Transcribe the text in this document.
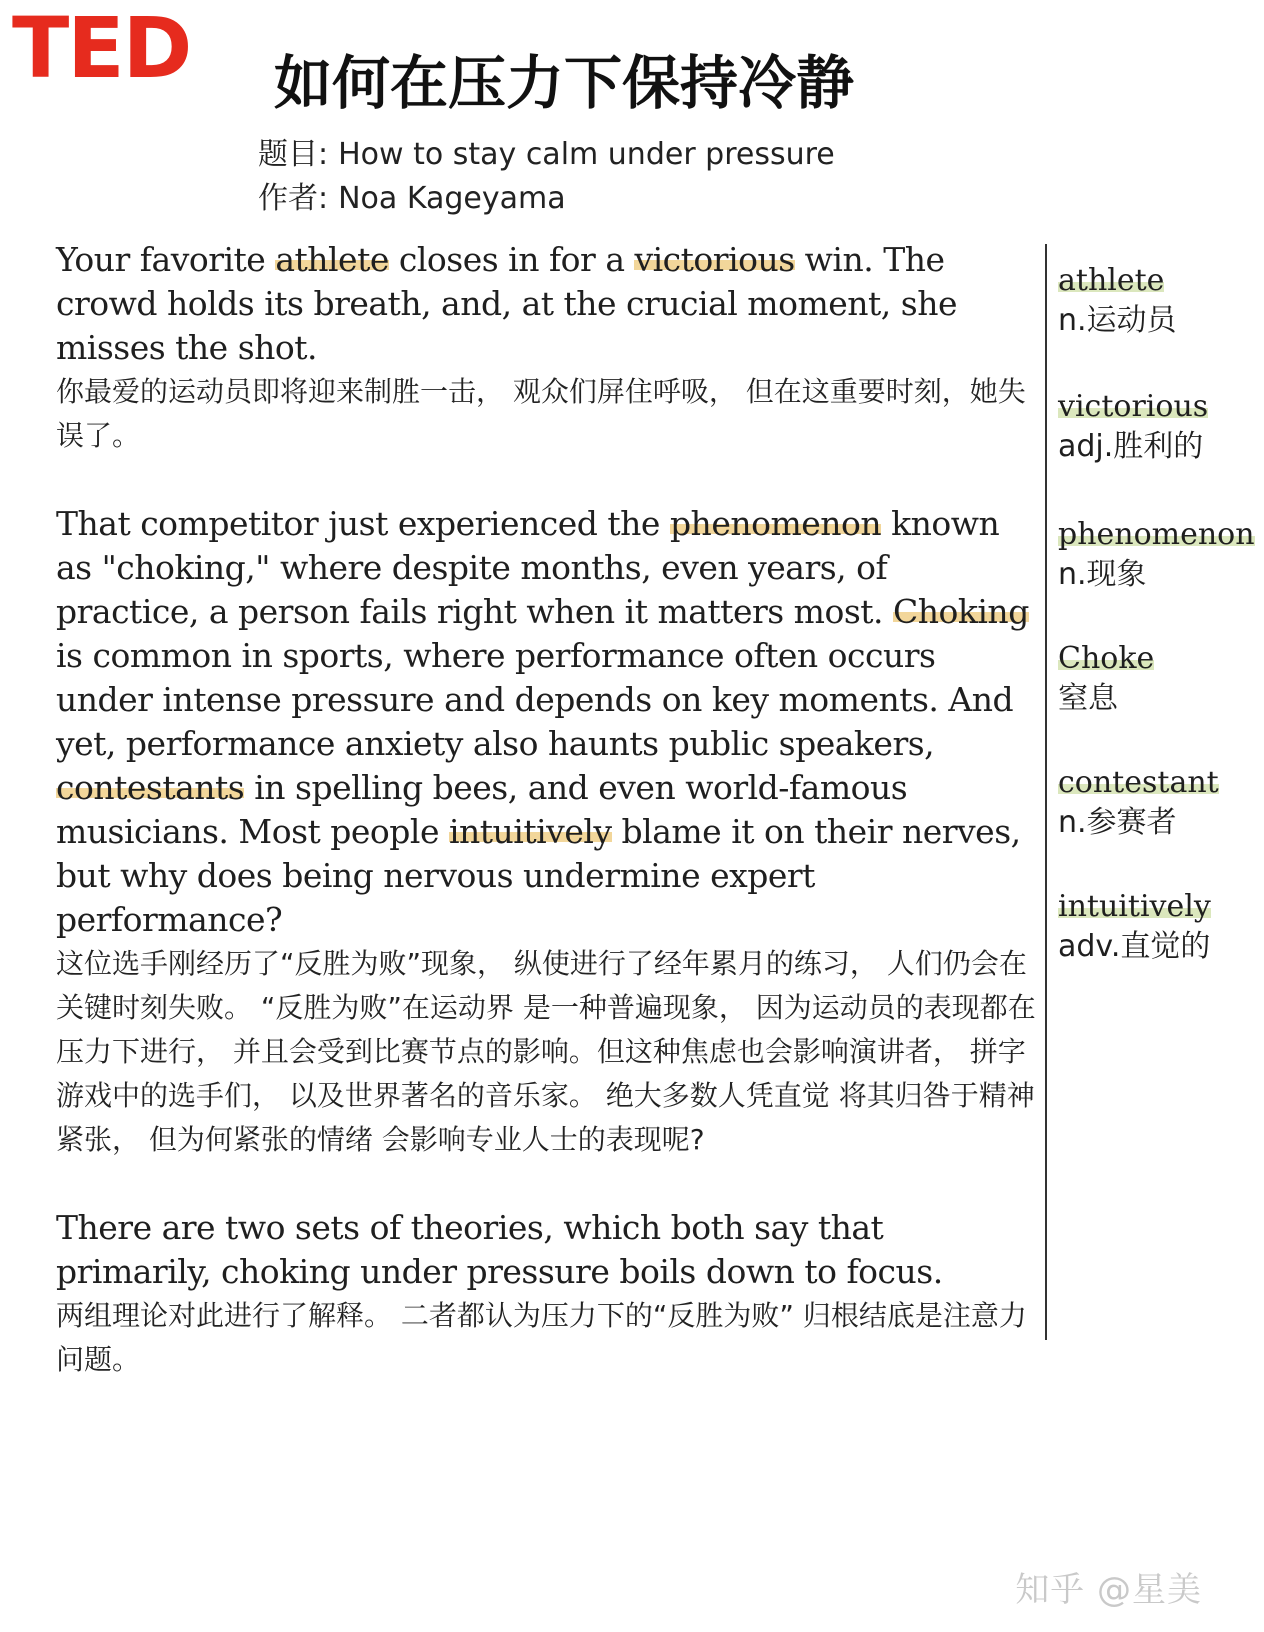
TED 如何在压力下保持冷静
题目: How to stay calm under pressure
作者: Noa Kageyama

Your favorite athlete closes in for a victorious win. The crowd holds its breath, and, at the crucial moment, she misses the shot.

你最爱的运动员即将迎来制胜一击， 观众们屏住呼吸， 但在这重要时刻，她失误了。

That competitor just experienced the phenomenon known as "choking," where despite months, even years, of practice, a person fails right when it matters most. Choking is common in sports, where performance often occurs under intense pressure and depends on key moments. And yet, performance anxiety also haunts public speakers, contestants in spelling bees, and even world-famous musicians. Most people intuitively blame it on their nerves, but why does being nervous undermine expert performance?

这位选手刚经历了“反胜为败”现象， 纵使进行了经年累月的练习， 人们仍会在关键时刻失败。 “反胜为败”在运动界 是一种普遍现象， 因为运动员的表现都在压力下进行， 并且会受到比赛节点的影响。但这种焦虑也会影响演讲者， 拼字游戏中的选手们， 以及世界著名的音乐家。 绝大多数人凭直觉 将其归咎于精神紧张， 但为何紧张的情绪 会影响专业人士的表现呢?

There are two sets of theories, which both say that primarily, choking under pressure boils down to focus.

两组理论对此进行了解释。 二者都认为压力下的“反胜为败” 归根结底是注意力问题。

athlete
n.运动员
victorious
adj.胜利的
phenomenon
n.现象
Choke
窒息
contestant
n.参赛者
intuitively
adv.直觉的
知乎 @星美
